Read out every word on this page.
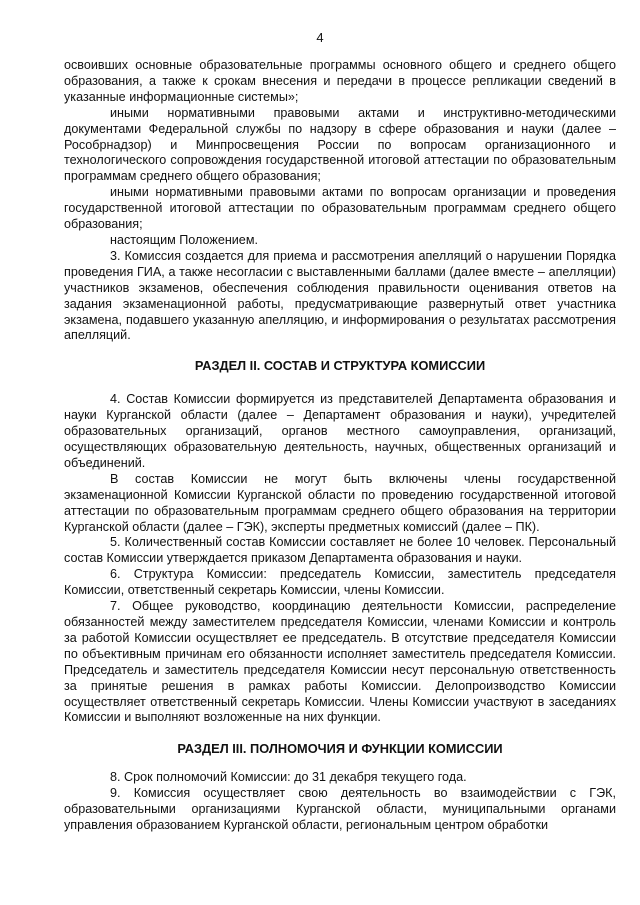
4

освоивших основные образовательные программы основного общего и среднего общего образования, а также к срокам внесения и передачи в процессе репликации сведений в указанные информационные системы»;

иными нормативными правовыми актами и инструктивно-методическими документами Федеральной службы по надзору в сфере образования и науки (далее – Рособрнадзор) и Минпросвещения России по вопросам организационного и технологического сопровождения государственной итоговой аттестации по образовательным программам среднего общего образования;

иными нормативными правовыми актами по вопросам организации и проведения государственной итоговой аттестации по образовательным программам среднего общего образования;

настоящим Положением.

3. Комиссия создается для приема и рассмотрения апелляций о нарушении Порядка проведения ГИА, а также несогласии с выставленными баллами (далее вместе – апелляции) участников экзаменов, обеспечения соблюдения правильности оценивания ответов на задания экзаменационной работы, предусматривающие развернутый ответ участника экзамена, подавшего указанную апелляцию, и информирования о результатах рассмотрения апелляций.

РАЗДЕЛ II. СОСТАВ И СТРУКТУРА КОМИССИИ

4. Состав Комиссии формируется из представителей Департамента образования и науки Курганской области (далее – Департамент образования и науки), учредителей образовательных организаций, органов местного самоуправления, организаций, осуществляющих образовательную деятельность, научных, общественных организаций и объединений.

В состав Комиссии не могут быть включены члены государственной экзаменационной Комиссии Курганской области по проведению государственной итоговой аттестации по образовательным программам среднего общего образования на территории Курганской области (далее – ГЭК), эксперты предметных комиссий (далее – ПК).

5. Количественный состав Комиссии составляет не более 10 человек. Персональный состав Комиссии утверждается приказом Департамента образования и науки.

6. Структура Комиссии: председатель Комиссии, заместитель председателя Комиссии, ответственный секретарь Комиссии, члены Комиссии.

7. Общее руководство, координацию деятельности Комиссии, распределение обязанностей между заместителем председателя Комиссии, членами Комиссии и контроль за работой Комиссии осуществляет ее председатель. В отсутствие председателя Комиссии по объективным причинам его обязанности исполняет заместитель председателя Комиссии. Председатель и заместитель председателя Комиссии несут персональную ответственность за принятые решения в рамках работы Комиссии. Делопроизводство Комиссии осуществляет ответственный секретарь Комиссии. Члены Комиссии участвуют в заседаниях Комиссии и выполняют возложенные на них функции.

РАЗДЕЛ III. ПОЛНОМОЧИЯ И ФУНКЦИИ КОМИССИИ

8. Срок полномочий Комиссии: до 31 декабря текущего года.

9. Комиссия осуществляет свою деятельность во взаимодействии с ГЭК, образовательными организациями Курганской области, муниципальными органами управления образованием Курганской области, региональным центром обработки
